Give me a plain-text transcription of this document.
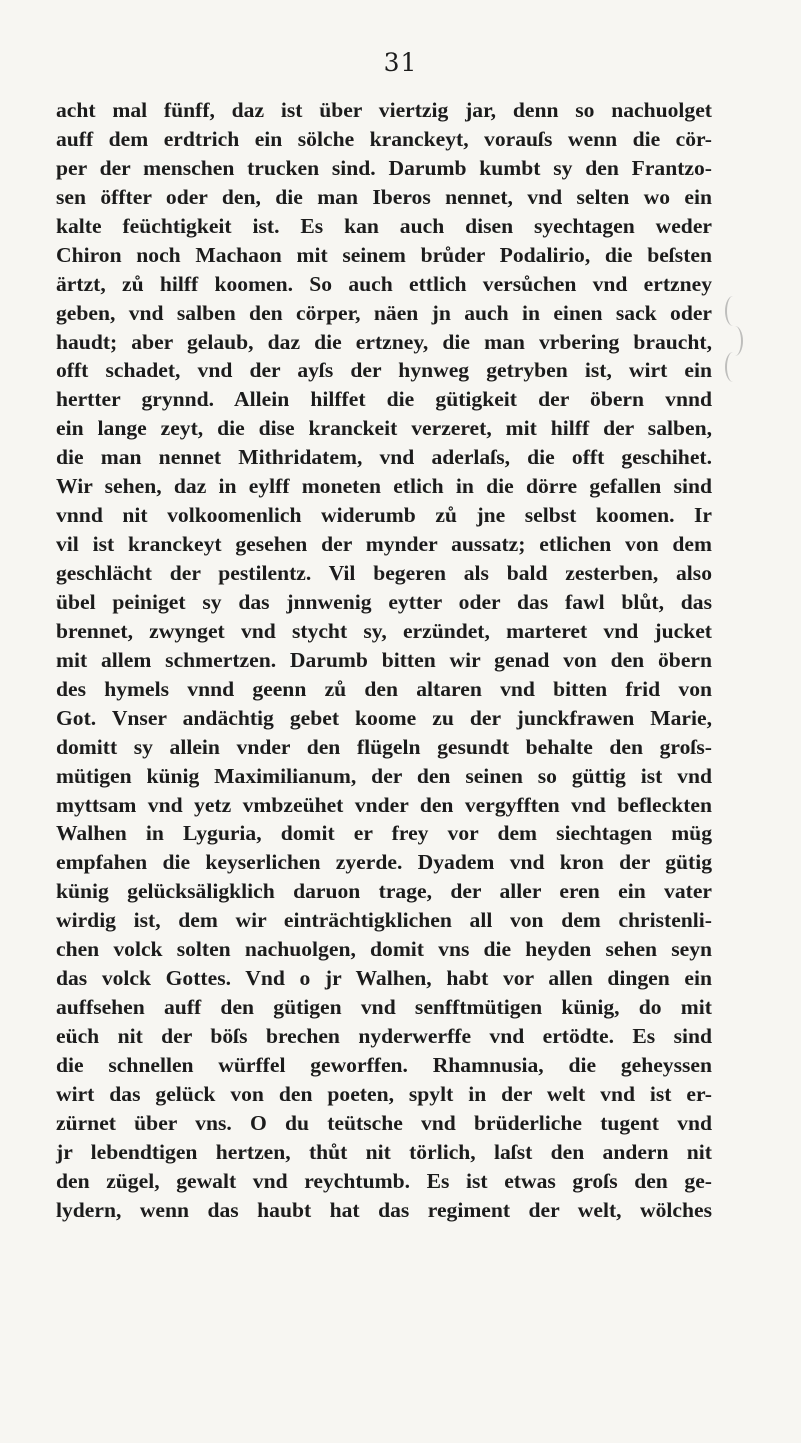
31
acht mal fünff, daz ist über viertzig jar, denn so nachuolget
auff dem erdtrich ein sölche kranckeyt, vorauſs wenn die cör-
per der menschen trucken sind. Darumb kumbt sy den Frantzo-
sen öffter oder den, die man Iberos nennet, vnd selten wo ein
kalte feüchtigkeit ist. Es kan auch disen syechtagen weder
Chiron noch Machaon mit seinem brůder Podalirio, die beſsten
ärtzt, zů hilff koomen. So auch ettlich versůchen vnd ertzney
geben, vnd salben den cörper, näen jn auch in einen sack oder
haudt; aber gelaub, daz die ertzney, die man vrbering braucht,
offt schadet, vnd der ayſs der hynweg getryben ist, wirt ein
hertter grynnd. Allein hilffet die gütigkeit der öbern vnnd
ein lange zeyt, die dise kranckeit verzeret, mit hilff der salben,
die man nennet Mithridatem, vnd aderlaſs, die offt geschihet.
Wir sehen, daz in eylff moneten etlich in die dörre gefallen sind
vnnd nit volkoomenlich widerumb zů jne selbst koomen. Ir
vil ist kranckeyt gesehen der mynder aussatz; etlichen von dem
geschlächt der pestilentz. Vil begeren als bald zesterben, also
übel peiniget sy das jnnwenig eytter oder das fawl blůt, das
brennet, zwynget vnd stycht sy, erzündet, marteret vnd jucket
mit allem schmertzen. Darumb bitten wir genad von den öbern
des hymels vnnd geenn zů den altaren vnd bitten frid von
Got. Vnser andächtig gebet koome zu der junckfrawen Marie,
domitt sy allein vnder den flügeln gesundt behalte den groſs-
mütigen künig Maximilianum, der den seinen so güttig ist vnd
myttsam vnd yetz vmbzeühet vnder den vergyfften vnd befleckten
Walhen in Lyguria, domit er frey vor dem siechtagen müg
empfahen die keyserlichen zyerde. Dyadem vnd kron der gütig
künig gelücksäligklich daruon trage, der aller eren ein vater
wirdig ist, dem wir einträchtigklichen all von dem christenli-
chen volck solten nachuolgen, domit vns die heyden sehen seyn
das volck Gottes. Vnd o jr Walhen, habt vor allen dingen ein
auffsehen auff den gütigen vnd senfftmütigen künig, do mit
eüch nit der böſs brechen nyderwerffe vnd ertödte. Es sind
die schnellen würffel geworffen. Rhamnusia, die geheyssen
wirt das gelück von den poeten, spylt in der welt vnd ist er-
zürnet über vns. O du teütsche vnd brüderliche tugent vnd
jr lebendtigen hertzen, thůt nit törlich, laſst den andern nit
den zügel, gewalt vnd reychtumb. Es ist etwas groſs den ge-
lydern, wenn das haubt hat das regiment der welt, wölches
